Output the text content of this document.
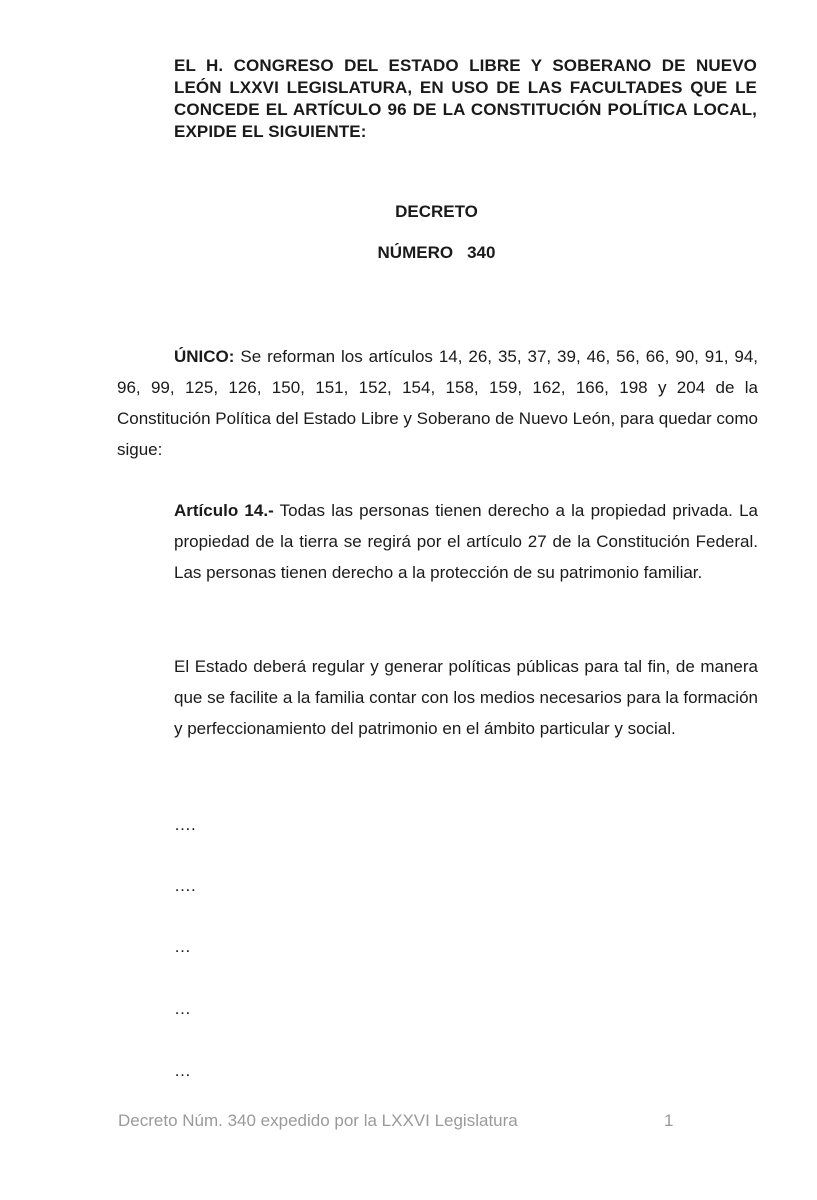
EL H. CONGRESO DEL ESTADO LIBRE Y SOBERANO DE NUEVO LEÓN LXXVI LEGISLATURA, EN USO DE LAS FACULTADES QUE LE CONCEDE EL ARTÍCULO 96 DE LA CONSTITUCIÓN POLÍTICA LOCAL, EXPIDE EL SIGUIENTE:
DECRETO
NÚMERO 340
ÚNICO: Se reforman los artículos 14, 26, 35, 37, 39, 46, 56, 66, 90, 91, 94, 96, 99, 125, 126, 150, 151, 152, 154, 158, 159, 162, 166, 198 y 204 de la Constitución Política del Estado Libre y Soberano de Nuevo León, para quedar como sigue:
Artículo 14.- Todas las personas tienen derecho a la propiedad privada. La propiedad de la tierra se regirá por el artículo 27 de la Constitución Federal. Las personas tienen derecho a la protección de su patrimonio familiar.
El Estado deberá regular y generar políticas públicas para tal fin, de manera que se facilite a la familia contar con los medios necesarios para la formación y perfeccionamiento del patrimonio en el ámbito particular y social.
….
….
…
…
…
Decreto Núm. 340 expedido por la LXXVI Legislatura	1
